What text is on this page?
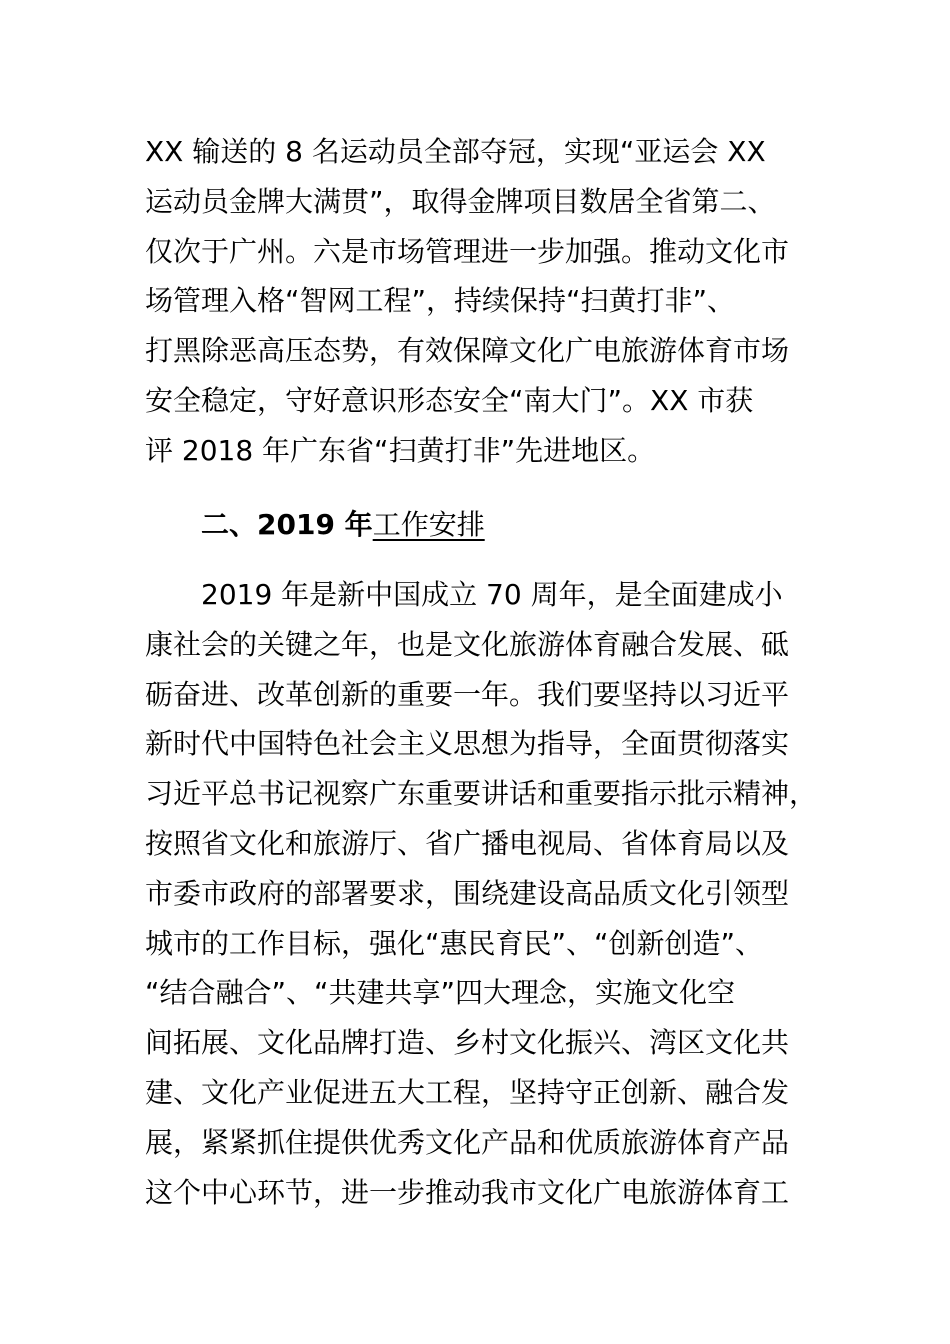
XX 输送的 8 名运动员全部夺冠，实现“亚运会 XX
运动员金牌大满贯”，取得金牌项目数居全省第二、
仅次于广州。六是市场管理进一步加强。推动文化市
场管理入格“智网工程”，持续保持“扫黄打非”、
打黑除恶高压态势，有效保障文化广电旅游体育市场
安全稳定，守好意识形态安全“南大门”。XX 市获
评 2018 年广东省“扫黄打非”先进地区。
二、2019 年工作安排
2019 年是新中国成立 70 周年，是全面建成小
康社会的关键之年，也是文化旅游体育融合发展、砥
砺奋进、改革创新的重要一年。我们要坚持以习近平
新时代中国特色社会主义思想为指导，全面贯彻落实
习近平总书记视察广东重要讲话和重要指示批示精神，
按照省文化和旅游厅、省广播电视局、省体育局以及
市委市政府的部署要求，围绕建设高品质文化引领型
城市的工作目标，强化“惠民育民”、“创新创造”、
“结合融合”、“共建共享”四大理念，实施文化空
间拓展、文化品牌打造、乡村文化振兴、湾区文化共
建、文化产业促进五大工程，坚持守正创新、融合发
展，紧紧抓住提供优秀文化产品和优质旅游体育产品
这个中心环节，进一步推动我市文化广电旅游体育工
